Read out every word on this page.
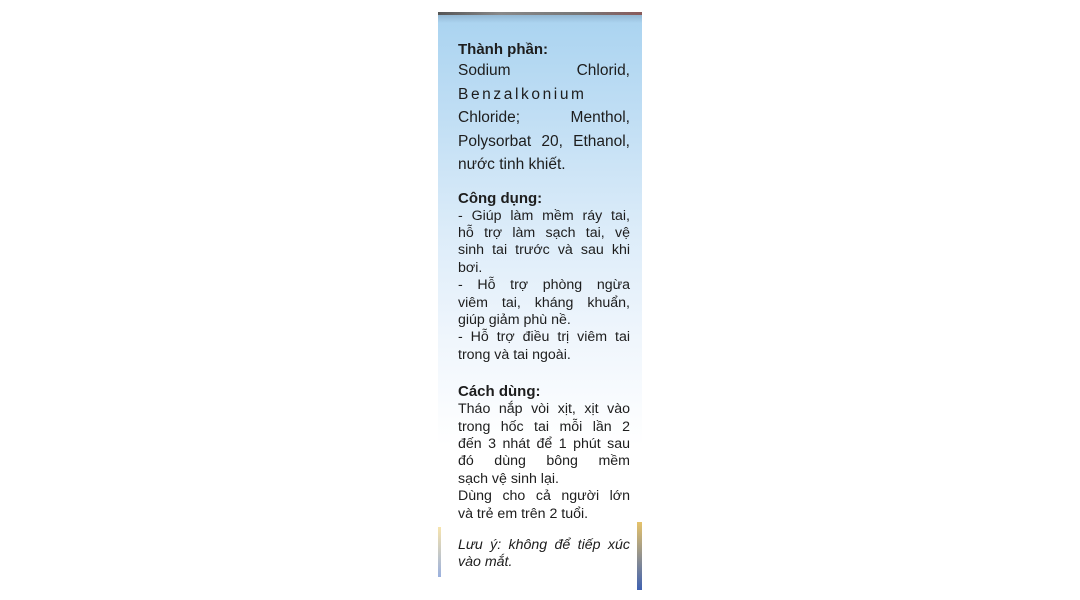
Thành phần:

Sodium Chlorid,
Benzalkonium
Chloride; Menthol,
Polysorbat 20, Ethanol,
nước tinh khiết.

Công dụng:

- Giúp làm mềm ráy tai,
hỗ trợ làm sạch tai, vệ
sinh tai trước và sau khi
bơi.
- Hỗ trợ phòng ngừa
viêm tai, kháng khuẩn,
giúp giảm phù nề.
- Hỗ trợ điều trị viêm tai
trong và tai ngoài.

Cách dùng:

Tháo nắp vòi xịt, xịt vào
trong hốc tai mỗi lần 2
đến 3 nhát để 1 phút sau
đó dùng bông mềm
sạch vệ sinh lại.
Dùng cho cả người lớn
và trẻ em trên 2 tuổi.

Lưu ý: không để tiếp xúc
vào mắt.
